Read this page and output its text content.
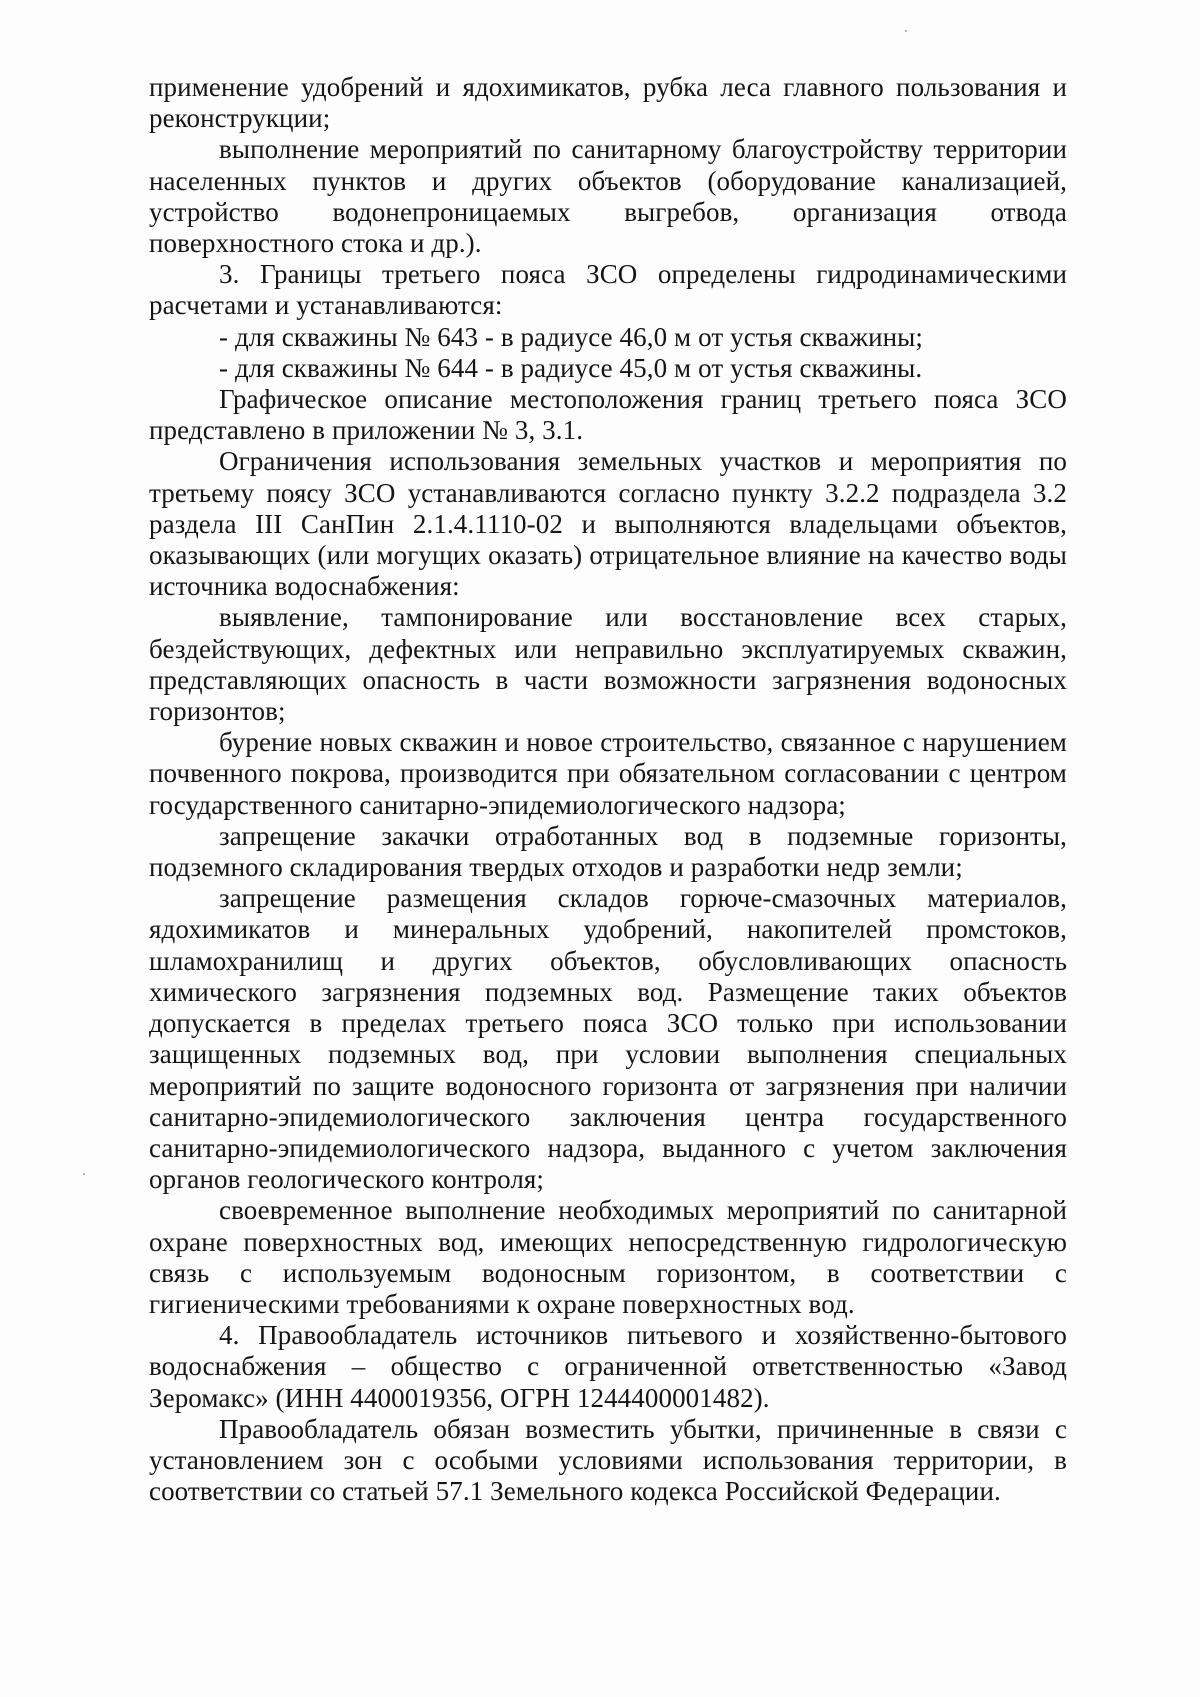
применение удобрений и ядохимикатов, рубка леса главного пользования и реконструкции;

выполнение мероприятий по санитарному благоустройству территории населенных пунктов и других объектов (оборудование канализацией, устройство водонепроницаемых выгребов, организация отвода поверхностного стока и др.).

3. Границы третьего пояса ЗСО определены гидродинамическими расчетами и устанавливаются:

- для скважины № 643 - в радиусе 46,0 м от устья скважины;

- для скважины № 644 - в радиусе 45,0 м от устья скважины.

Графическое описание местоположения границ третьего пояса ЗСО представлено в приложении № 3, 3.1.

Ограничения использования земельных участков и мероприятия по третьему поясу ЗСО устанавливаются согласно пункту 3.2.2 подраздела 3.2 раздела III СанПин 2.1.4.1110-02 и выполняются владельцами объектов, оказывающих (или могущих оказать) отрицательное влияние на качество воды источника водоснабжения:

выявление, тампонирование или восстановление всех старых, бездействующих, дефектных или неправильно эксплуатируемых скважин, представляющих опасность в части возможности загрязнения водоносных горизонтов;

бурение новых скважин и новое строительство, связанное с нарушением почвенного покрова, производится при обязательном согласовании с центром государственного санитарно-эпидемиологического надзора;

запрещение закачки отработанных вод в подземные горизонты, подземного складирования твердых отходов и разработки недр земли;

запрещение размещения складов горюче-смазочных материалов, ядохимикатов и минеральных удобрений, накопителей промстоков, шламохранилищ и других объектов, обусловливающих опасность химического загрязнения подземных вод. Размещение таких объектов допускается в пределах третьего пояса ЗСО только при использовании защищенных подземных вод, при условии выполнения специальных мероприятий по защите водоносного горизонта от загрязнения при наличии санитарно-эпидемиологического заключения центра государственного санитарно-эпидемиологического надзора, выданного с учетом заключения органов геологического контроля;

своевременное выполнение необходимых мероприятий по санитарной охране поверхностных вод, имеющих непосредственную гидрологическую связь с используемым водоносным горизонтом, в соответствии с гигиеническими требованиями к охране поверхностных вод.

4. Правообладатель источников питьевого и хозяйственно-бытового водоснабжения – общество с ограниченной ответственностью «Завод Зеромакс» (ИНН 4400019356, ОГРН 1244400001482).

Правообладатель обязан возместить убытки, причиненные в связи с установлением зон с особыми условиями использования территории, в соответствии со статьей 57.1 Земельного кодекса Российской Федерации.
